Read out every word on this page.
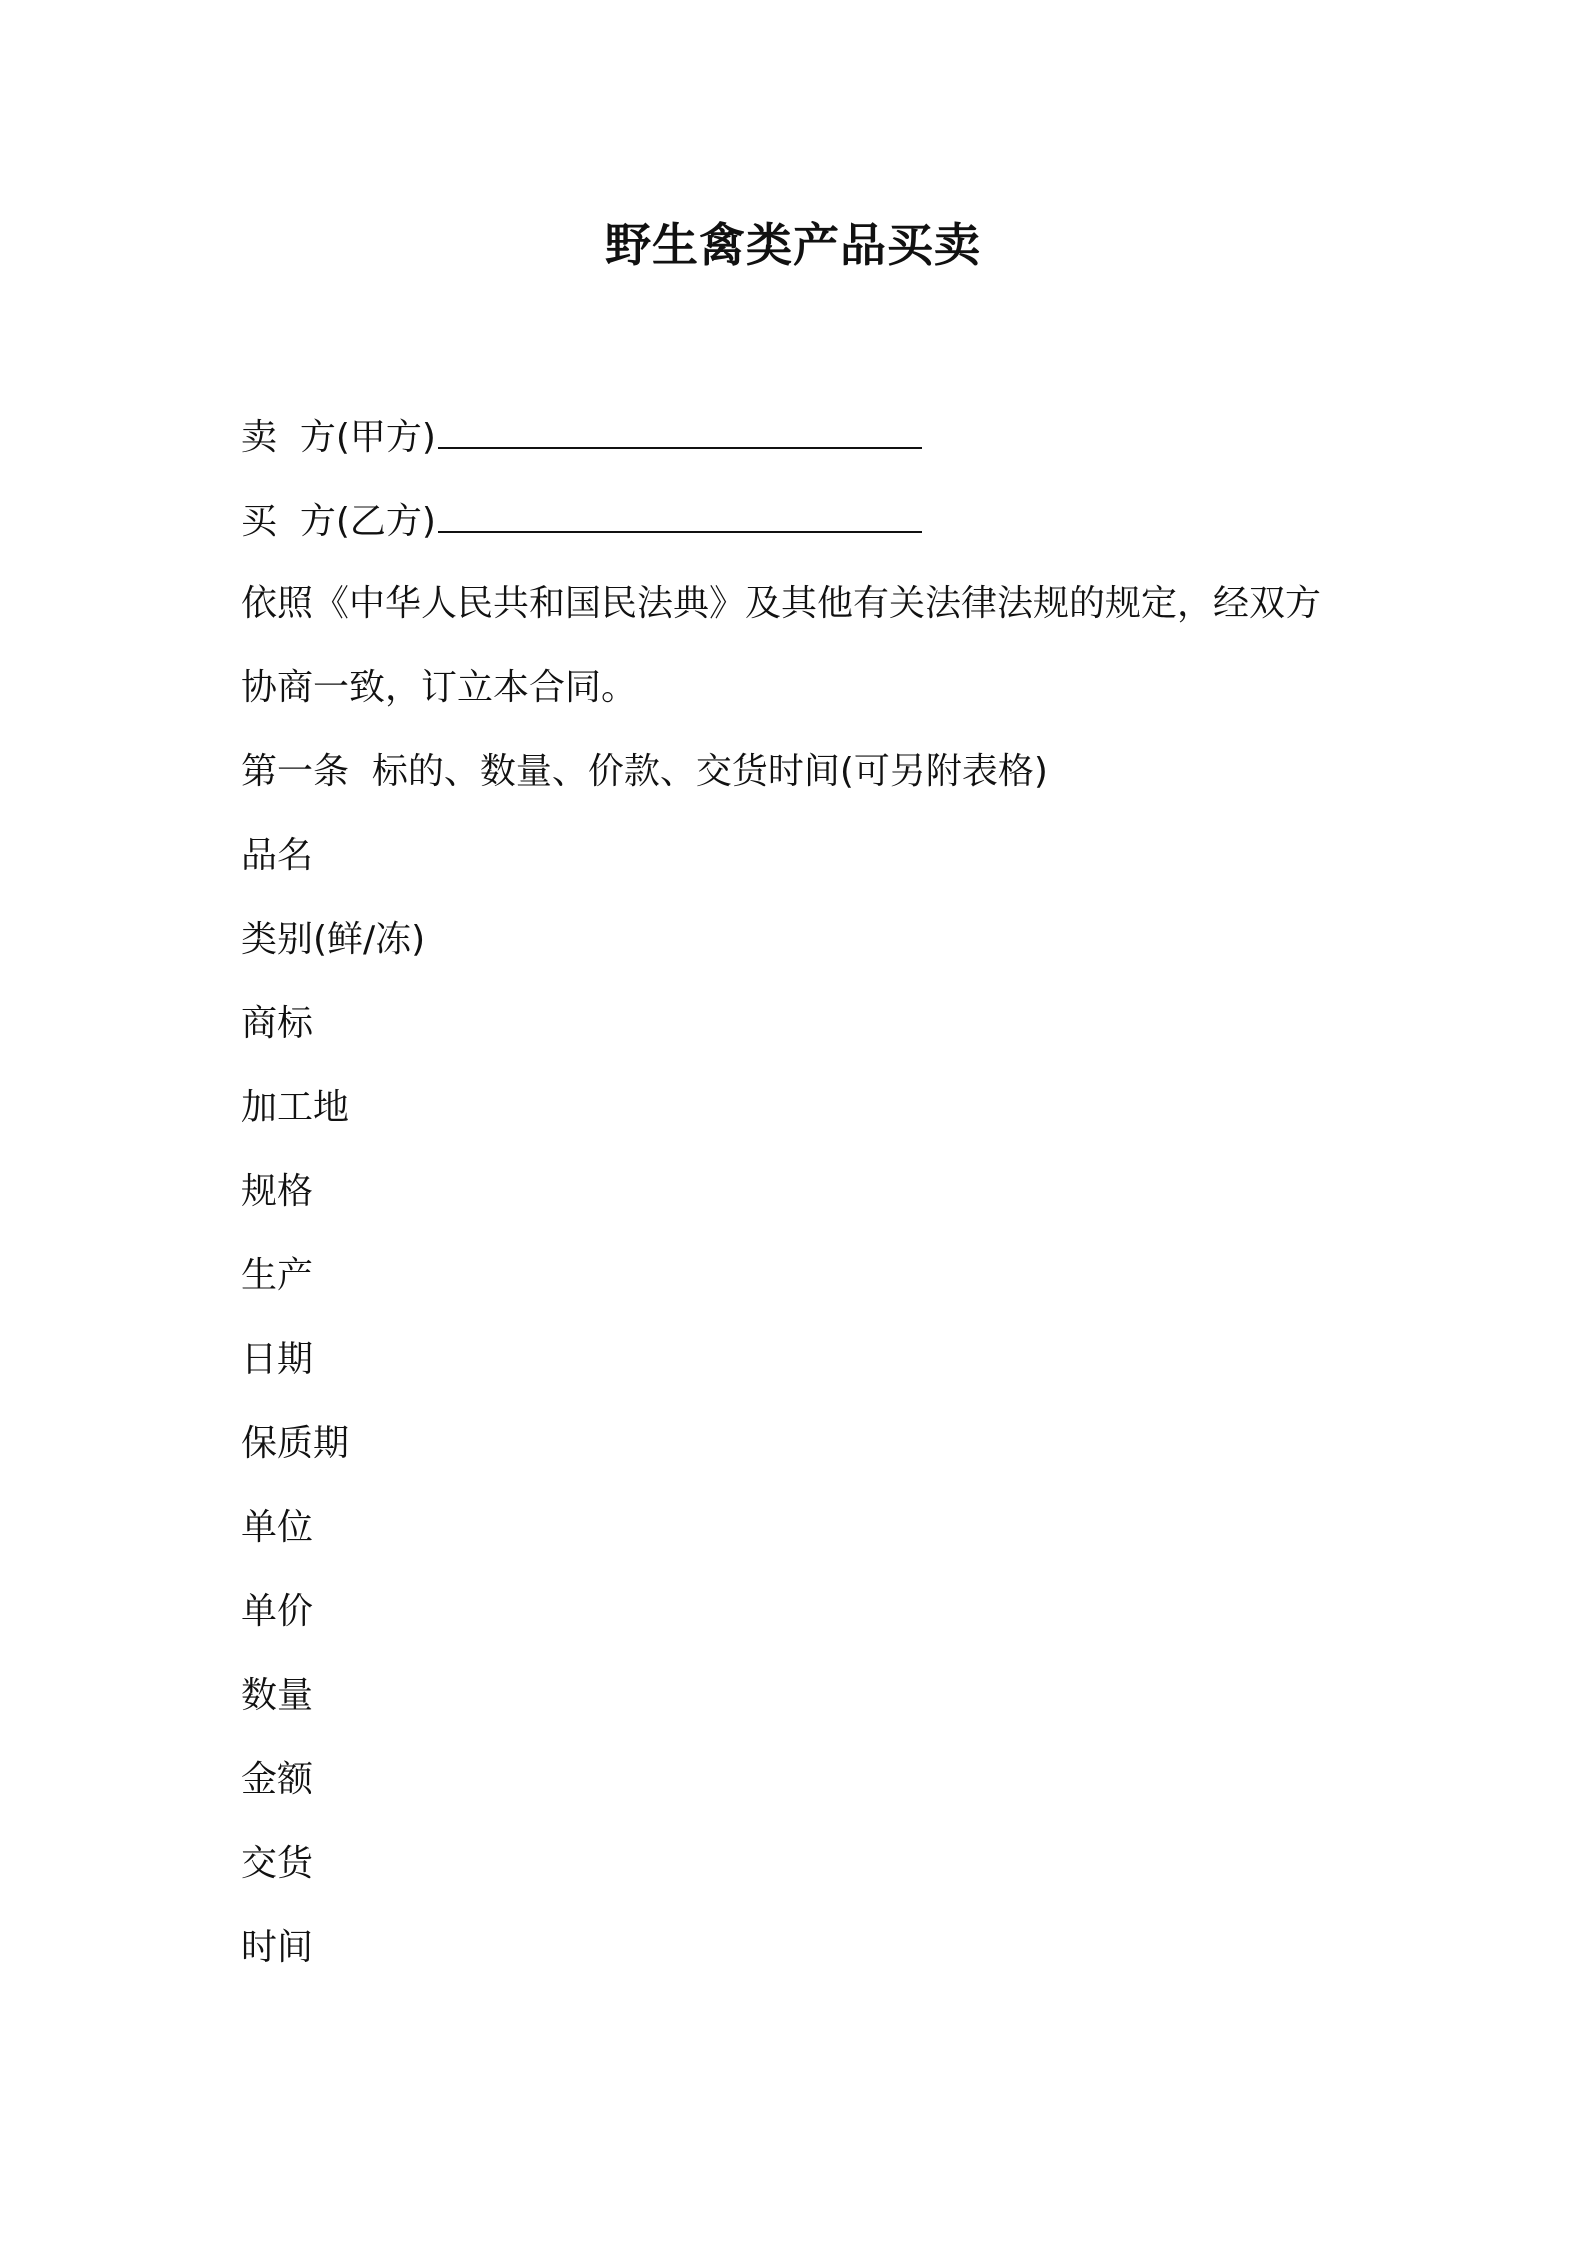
野生禽类产品买卖
卖  方(甲方)
买  方(乙方)
依照《中华人民共和国民法典》及其他有关法律法规的规定，经双方
协商一致，订立本合同。
第一条  标的、数量、价款、交货时间(可另附表格)
品名
类别(鲜/冻)
商标
加工地
规格
生产
日期
保质期
单位
单价
数量
金额
交货
时间
